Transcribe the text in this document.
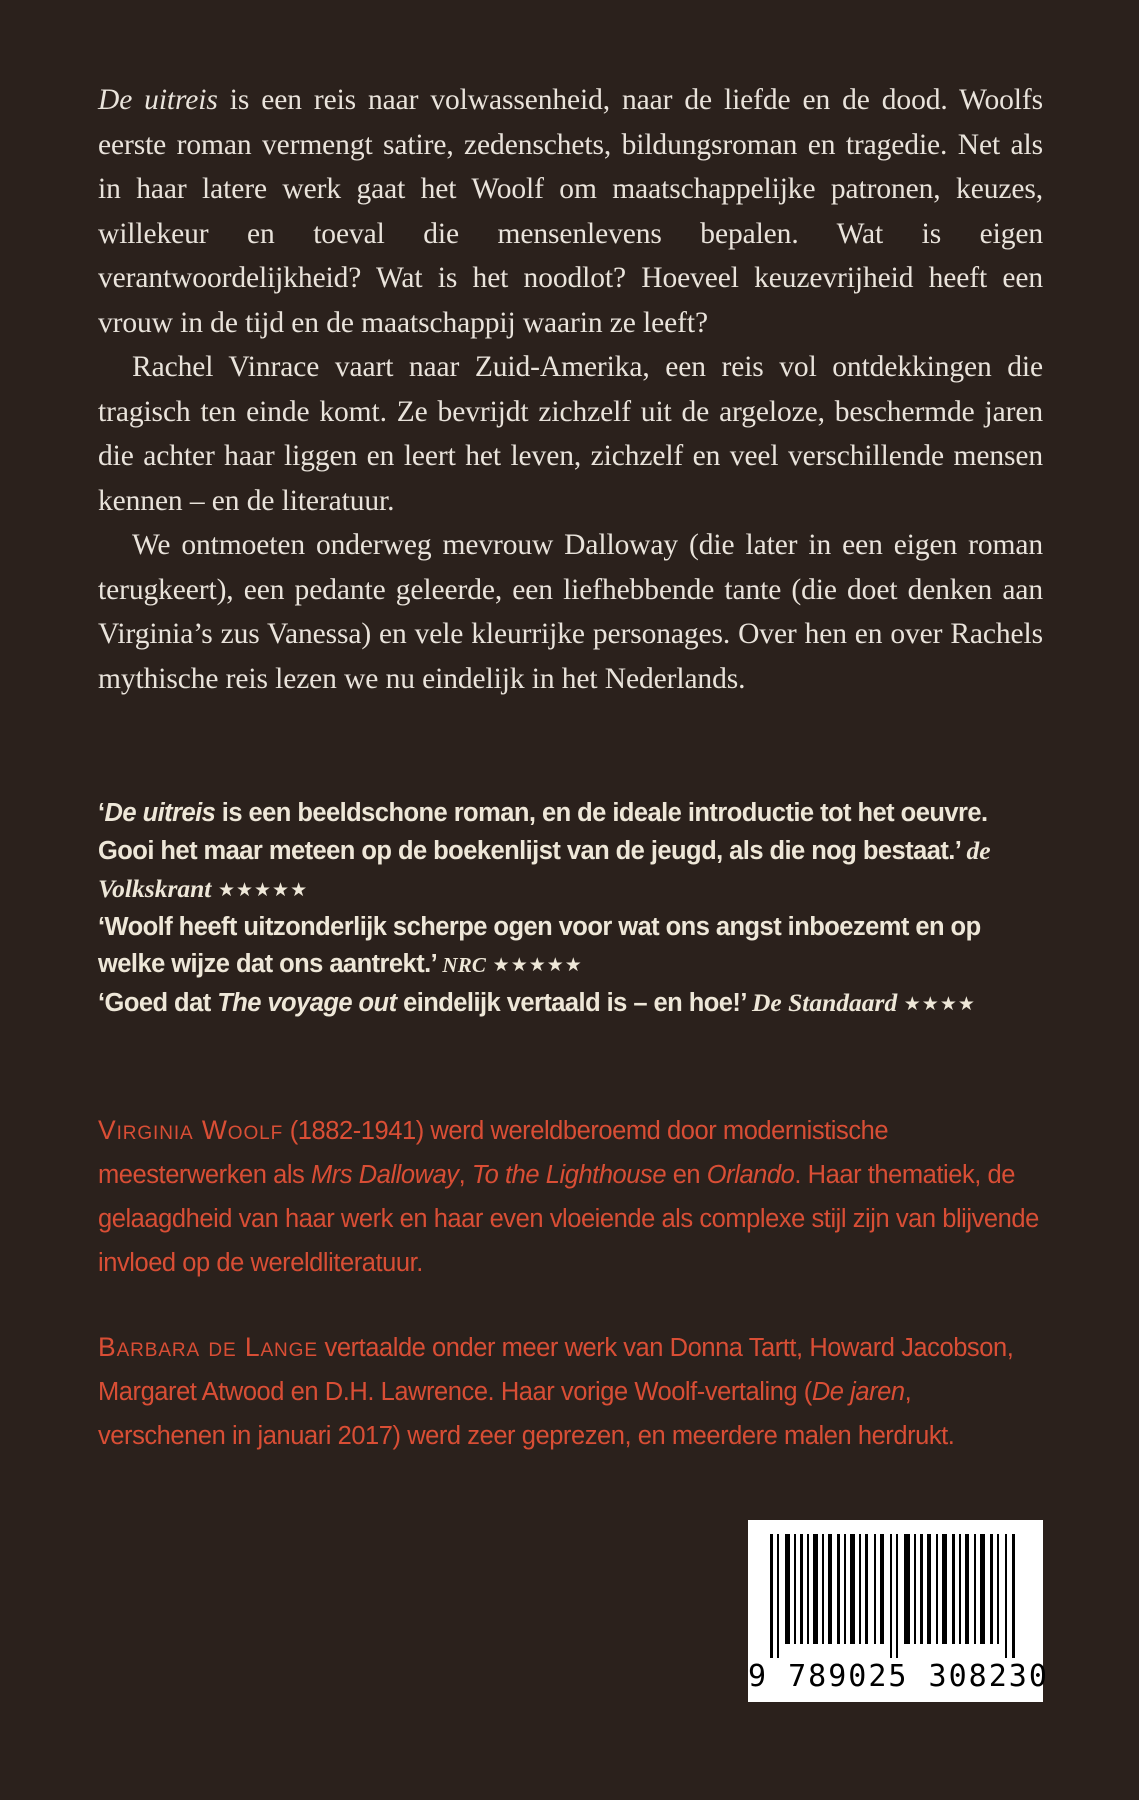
De uitreis is een reis naar volwassenheid, naar de liefde en de dood. Woolfs eerste roman vermengt satire, zedenschets, bildungsroman en tragedie. Net als in haar latere werk gaat het Woolf om maatschappelijke patronen, keuzes, willekeur en toeval die mensenlevens bepalen. Wat is eigen verantwoordelijkheid? Wat is het noodlot? Hoeveel keuzevrijheid heeft een vrouw in de tijd en de maatschappij waarin ze leeft?

Rachel Vinrace vaart naar Zuid-Amerika, een reis vol ontdekkingen die tragisch ten einde komt. Ze bevrijdt zichzelf uit de argeloze, beschermde jaren die achter haar liggen en leert het leven, zichzelf en veel verschillende mensen kennen – en de literatuur.

We ontmoeten onderweg mevrouw Dalloway (die later in een eigen roman terugkeert), een pedante geleerde, een liefhebbende tante (die doet denken aan Virginia’s zus Vanessa) en vele kleurrijke personages. Over hen en over Rachels mythische reis lezen we nu eindelijk in het Nederlands.

‘De uitreis is een beeldschone roman, en de ideale introductie tot het oeuvre. Gooi het maar meteen op de boekenlijst van de jeugd, als die nog bestaat.’ de Volkskrant ★★★★★

‘Woolf heeft uitzonderlijk scherpe ogen voor wat ons angst inboezemt en op welke wijze dat ons aantrekt.’ NRC ★★★★★

‘Goed dat The voyage out eindelijk vertaald is – en hoe!’ De Standaard ★★★★

Virginia Woolf (1882-1941) werd wereldberoemd door modernistische meesterwerken als Mrs Dalloway, To the Lighthouse en Orlando. Haar thematiek, de gelaagdheid van haar werk en haar even vloeiende als complexe stijl zijn van blijvende invloed op de wereldliteratuur.

Barbara de Lange vertaalde onder meer werk van Donna Tartt, Howard Jacobson, Margaret Atwood en D.H. Lawrence. Haar vorige Woolf-vertaling (De jaren, verschenen in januari 2017) werd zeer geprezen, en meerdere malen herdrukt.

9 789025 308230
